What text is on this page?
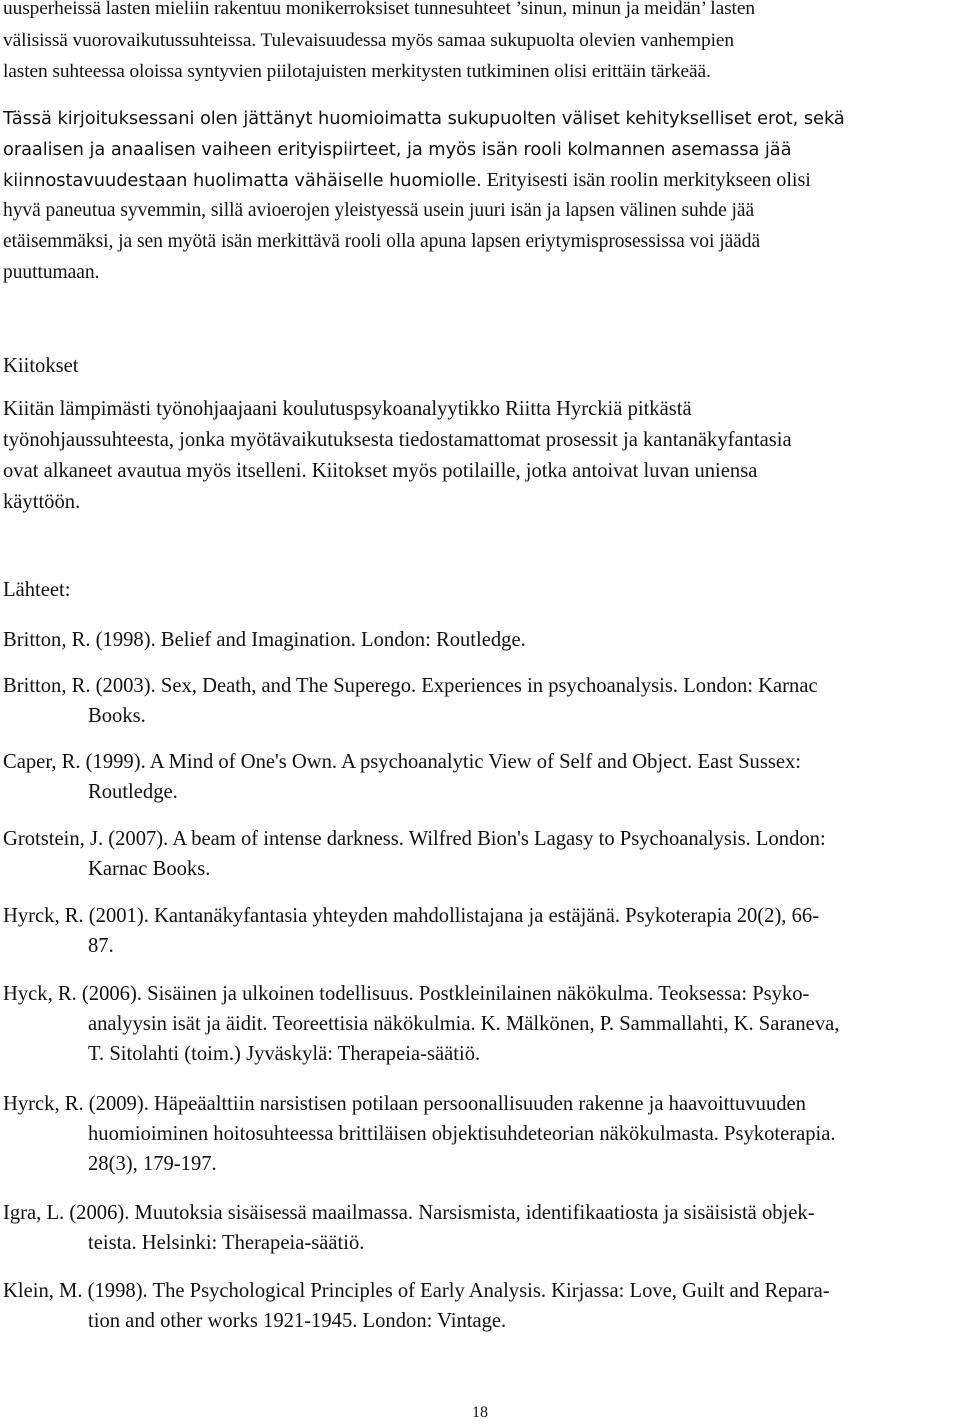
uusperheissä lasten mieliin rakentuu monikerroksiset tunnesuhteet ’sinun, minun ja meidän’ lasten

välisissä vuorovaikutussuhteissa. Tulevaisuudessa myös samaa sukupuolta olevien vanhempien

lasten suhteessa oloissa syntyvien piilotajuisten merkitysten tutkiminen olisi erittäin tärkeää.

Tässä kirjoituksessani olen jättänyt huomioimatta sukupuolten väliset kehitykselliset erot, sekä

oraalisen ja anaalisen vaiheen erityispiirteet, ja myös isän rooli kolmannen asemassa jää

kiinnostavuudestaan huolimatta vähäiselle huomiolle. Erityisesti isän roolin merkitykseen olisi

hyvä paneutua syvemmin, sillä avioerojen yleistyessä usein juuri isän ja lapsen välinen suhde jää

etäisemmäksi, ja sen myötä isän merkittävä rooli olla apuna lapsen eriytymisprosessissa voi jäädä

puuttumaan.

Kiitokset

Kiitän lämpimästi työnohjaajaani koulutuspsykoanalyytikko Riitta Hyrckiä pitkästä

työnohjaussuhteesta, jonka myötävaikutuksesta tiedostamattomat prosessit ja kantanäkyfantasia

ovat alkaneet avautua myös itselleni. Kiitokset myös potilaille, jotka antoivat luvan uniensa

käyttöön.

Lähteet:

Britton, R. (1998). Belief and Imagination. London: Routledge.
Britton, R. (2003). Sex, Death, and The Superego. Experiences in psychoanalysis. London: Karnac
Books.
Caper, R. (1999). A Mind of One's Own. A psychoanalytic View of Self and Object. East Sussex:
Routledge.
Grotstein, J. (2007). A beam of intense darkness. Wilfred Bion's Lagasy to Psychoanalysis. London:
Karnac Books.
Hyrck, R. (2001). Kantanäkyfantasia yhteyden mahdollistajana ja estäjänä. Psykoterapia 20(2), 66-
87.
Hyck, R. (2006). Sisäinen ja ulkoinen todellisuus. Postkleinilainen näkökulma. Teoksessa: Psyko-
analyysin isät ja äidit. Teoreettisia näkökulmia. K. Mälkönen, P. Sammallahti, K. Saraneva,
T. Sitolahti (toim.) Jyväskylä: Therapeia-säätiö.
Hyrck, R. (2009). Häpeäalttiin narsistisen potilaan persoonallisuuden rakenne ja haavoittuvuuden
huomioiminen hoitosuhteessa brittiläisen objektisuhdeteorian näkökulmasta. Psykoterapia.
28(3), 179-197.
Igra, L. (2006). Muutoksia sisäisessä maailmassa. Narsismista, identifikaatiosta ja sisäisistä objek-
teista. Helsinki: Therapeia-säätiö.
Klein, M. (1998). The Psychological Principles of Early Analysis. Kirjassa: Love, Guilt and Repara-
tion and other works 1921-1945. London: Vintage.
18
